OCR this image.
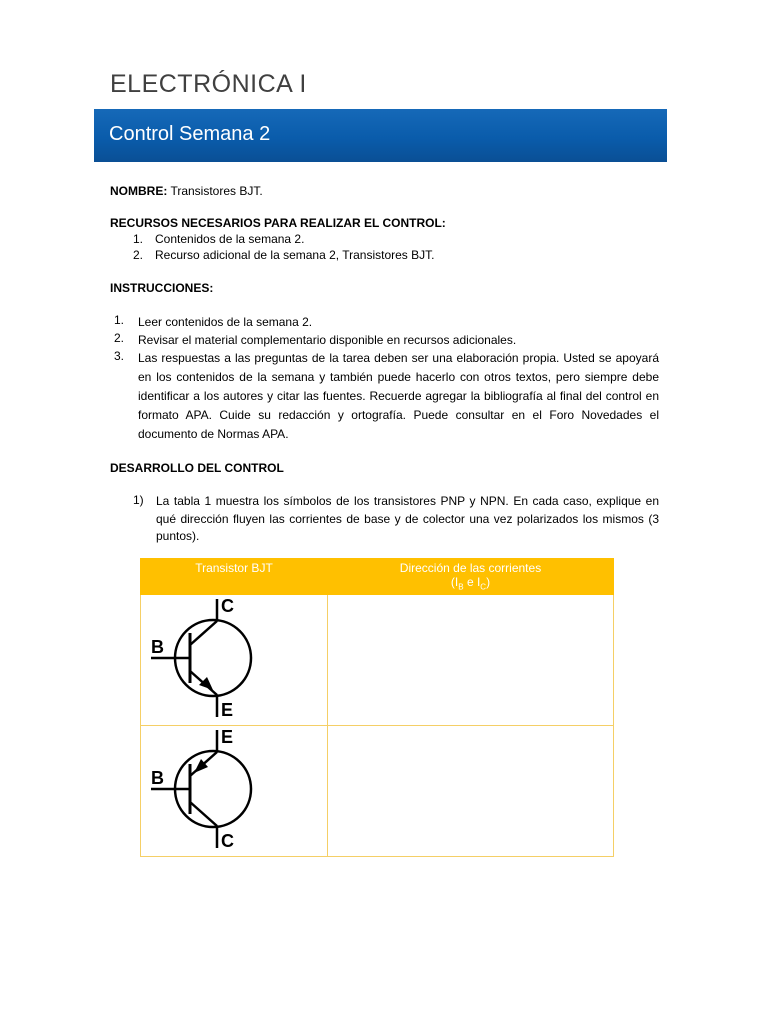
ELECTRÓNICA I
Control Semana 2
NOMBRE: Transistores BJT.
RECURSOS NECESARIOS PARA REALIZAR EL CONTROL:
1. Contenidos de la semana 2.
2. Recurso adicional de la semana 2, Transistores BJT.
INSTRUCCIONES:
1.	Leer contenidos de la semana 2.
2.	Revisar el material complementario disponible en recursos adicionales.
3.	Las respuestas a las preguntas de la tarea deben ser una elaboración propia. Usted se apoyará en los contenidos de la semana y también puede hacerlo con otros textos, pero siempre debe identificar a los autores y citar las fuentes. Recuerde agregar la bibliografía al final del control en formato APA. Cuide su redacción y ortografía. Puede consultar en el Foro Novedades el documento de Normas APA.
DESARROLLO DEL CONTROL
1) La tabla 1 muestra los símbolos de los transistores PNP y NPN. En cada caso, explique en qué dirección fluyen las corrientes de base y de colector una vez polarizados los mismos (3 puntos).
Transistor BJT	Dirección de las corrientes
($I_B$ e $I_C$)

C
B
E	

E
B
C	
